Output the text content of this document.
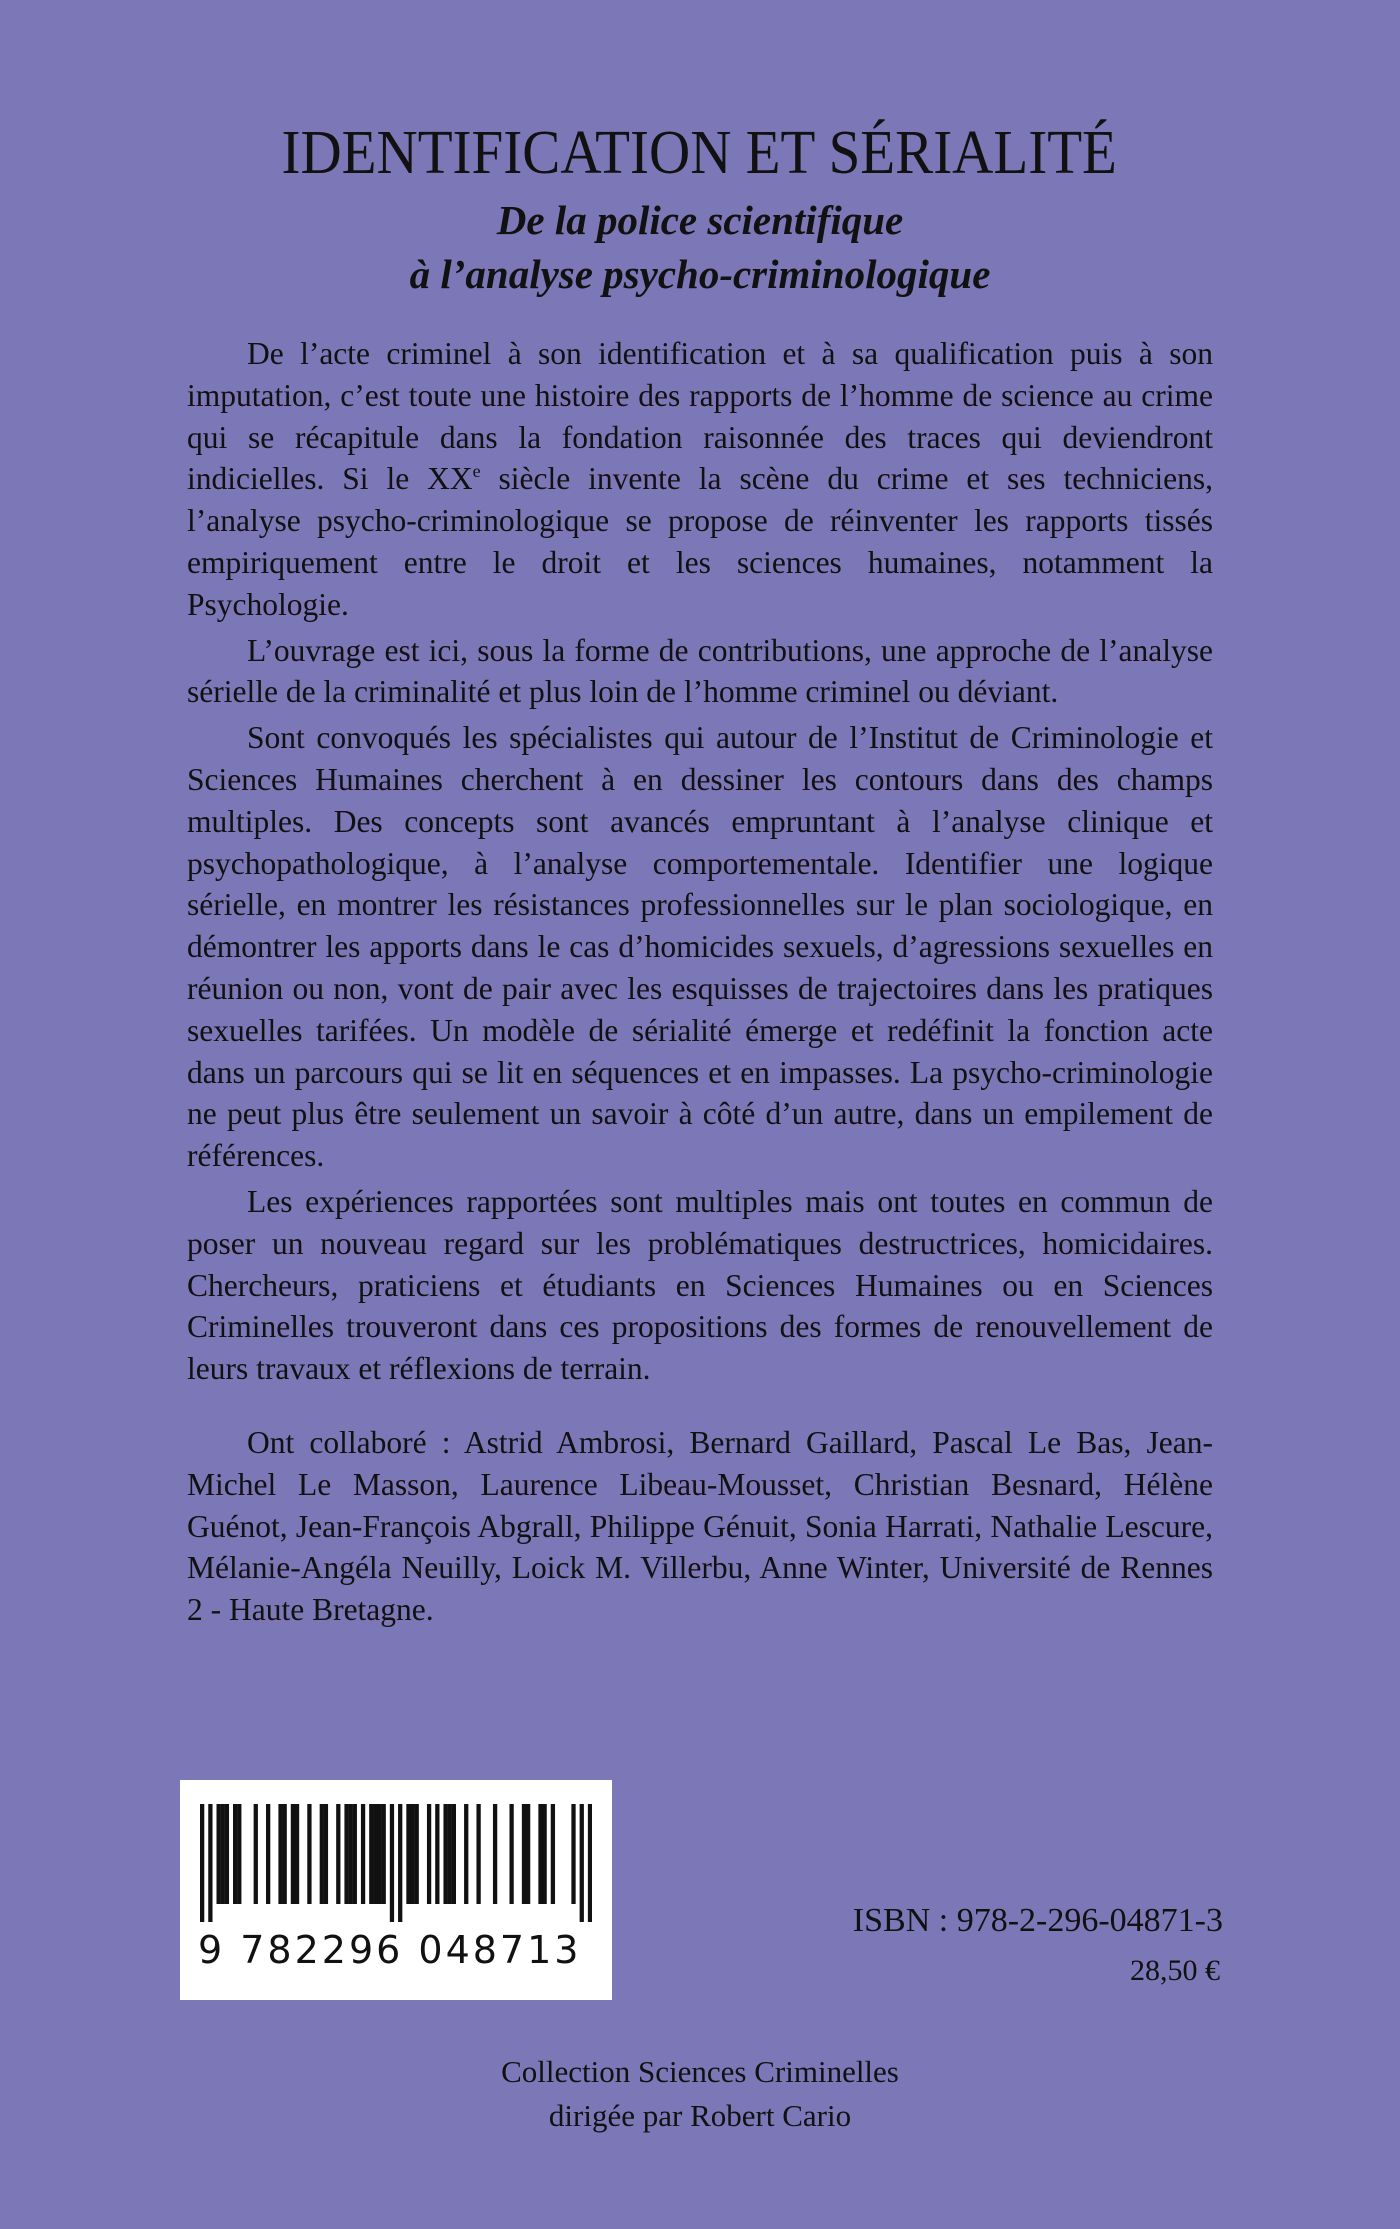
IDENTIFICATION ET SÉRIALITÉ
De la police scientifique
à l’analyse psycho-criminologique

De l’acte criminel à son identification et à sa qualification puis à son imputation, c’est toute une histoire des rapports de l’homme de science au crime qui se récapitule dans la fondation raisonnée des traces qui deviendront indicielles. Si le XXe siècle invente la scène du crime et ses techniciens, l’analyse psycho-criminologique se propose de réinventer les rapports tissés empiriquement entre le droit et les sciences humaines, notamment la Psychologie.

L’ouvrage est ici, sous la forme de contributions, une approche de l’analyse sérielle de la criminalité et plus loin de l’homme criminel ou déviant.

Sont convoqués les spécialistes qui autour de l’Institut de Criminologie et Sciences Humaines cherchent à en dessiner les contours dans des champs multiples. Des concepts sont avancés empruntant à l’analyse clinique et psychopathologique, à l’analyse comportementale. Identifier une logique sérielle, en montrer les résistances professionnelles sur le plan sociologique, en démontrer les apports dans le cas d’homicides sexuels, d’agressions sexuelles en réunion ou non, vont de pair avec les esquisses de trajectoires dans les pratiques sexuelles tarifées. Un modèle de sérialité émerge et redéfinit la fonction acte dans un parcours qui se lit en séquences et en impasses. La psycho-criminologie ne peut plus être seulement un savoir à côté d’un autre, dans un empilement de références.

Les expériences rapportées sont multiples mais ont toutes en commun de poser un nouveau regard sur les problématiques destructrices, homicidaires. Chercheurs, praticiens et étudiants en Sciences Humaines ou en Sciences Criminelles trouveront dans ces propositions des formes de renouvellement de leurs travaux et réflexions de terrain.

Ont collaboré : Astrid Ambrosi, Bernard Gaillard, Pascal Le Bas, Jean-Michel Le Masson, Laurence Libeau-Mousset, Christian Besnard, Hélène Guénot, Jean-François Abgrall, Philippe Génuit, Sonia Harrati, Nathalie Lescure, Mélanie-Angéla Neuilly, Loick M. Villerbu, Anne Winter, Université de Rennes 2 - Haute Bretagne.

9 782296 048713
ISBN : 978-2-296-04871-3
28,50 €
Collection Sciences Criminelles
dirigée par Robert Cario
